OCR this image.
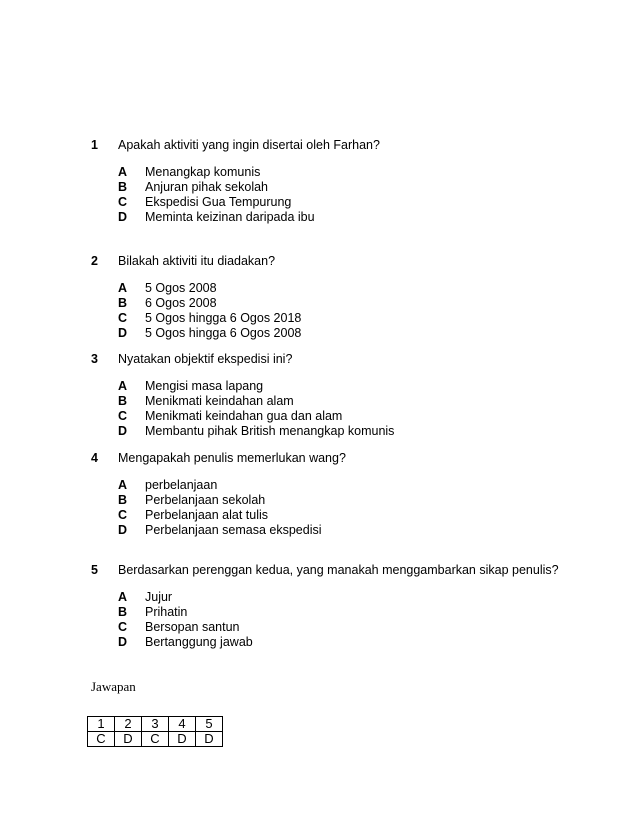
1 Apakah aktiviti yang ingin disertai oleh Farhan?
A Menangkap komunis
B Anjuran pihak sekolah
C Ekspedisi Gua Tempurung
D Meminta keizinan daripada ibu
2 Bilakah aktiviti itu diadakan?
A 5 Ogos 2008
B 6 Ogos 2008
C 5 Ogos hingga 6 Ogos 2018
D 5 Ogos hingga 6 Ogos 2008
3 Nyatakan objektif ekspedisi ini?
A Mengisi masa lapang
B Menikmati keindahan alam
C Menikmati keindahan gua dan alam
D Membantu pihak British menangkap komunis
4 Mengapakah penulis memerlukan wang?
A perbelanjaan
B Perbelanjaan sekolah
C Perbelanjaan alat tulis
D Perbelanjaan semasa ekspedisi
5 Berdasarkan perenggan kedua, yang manakah menggambarkan sikap penulis?
A Jujur
B Prihatin
C Bersopan santun
D Bertanggung jawab
Jawapan
1	2	3	4	5
C	D	C	D	D
